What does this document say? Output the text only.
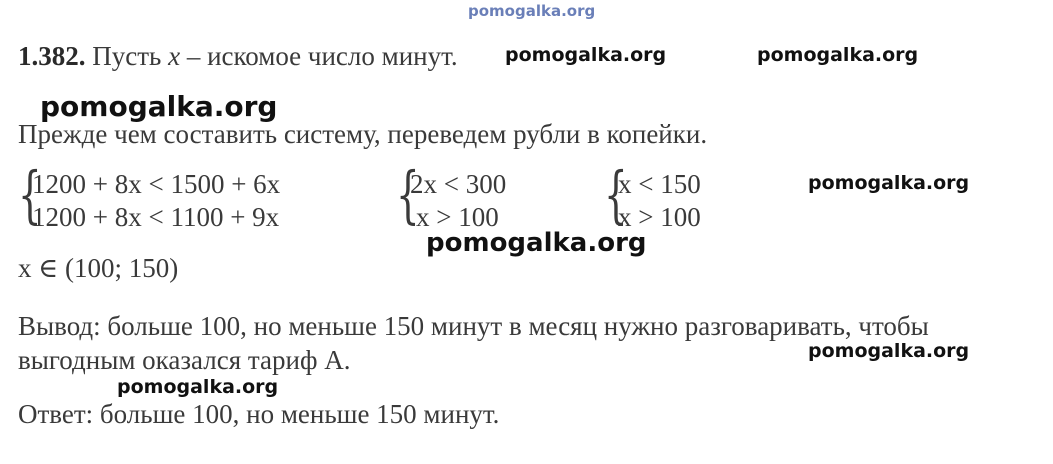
pomogalka.org
1.382. Пусть x – искомое число минут. pomogalka.org	pomogalka.org
pomogalka.org
Прежде чем составить систему, переведем рубли в копейки.
{
1200 + 8x < 1500 + 6x
1200 + 8x < 1100 + 9x {
2x < 300
x > 100 {
x < 150
x > 100
pomogalka.org
pomogalka.org
x ∈ (100; 150)
Вывод: больше 100, но меньше 150 минут в месяц нужно разговаривать, чтобы
выгодным оказался тариф А.	pomogalka.org
pomogalka.org
Ответ: больше 100, но меньше 150 минут.
